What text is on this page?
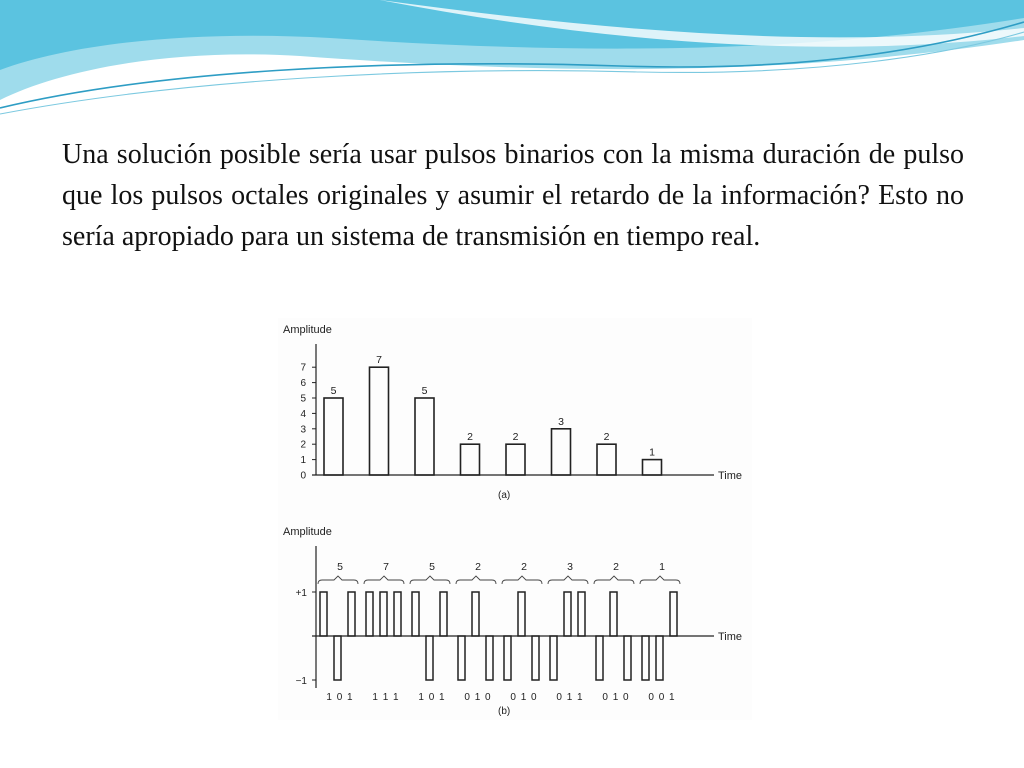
Una solución posible sería usar pulsos binarios con la misma duración de pulso que los pulsos octales originales y asumir el retardo de la información? Esto no sería apropiado para un sistema de transmisión en tiempo real.

Amplitude
Time
(a)
0
1
2
3
4
5
6
7
5
7
5
2	2
3
2
1
Amplitude
Time
(b)
+1
−1
5
1 0 1
7
1 1 1
5
1 0 1
2
0 1 0
2
0 1 0
3
0 1 1
2
0 1 0
1
0 0 1
